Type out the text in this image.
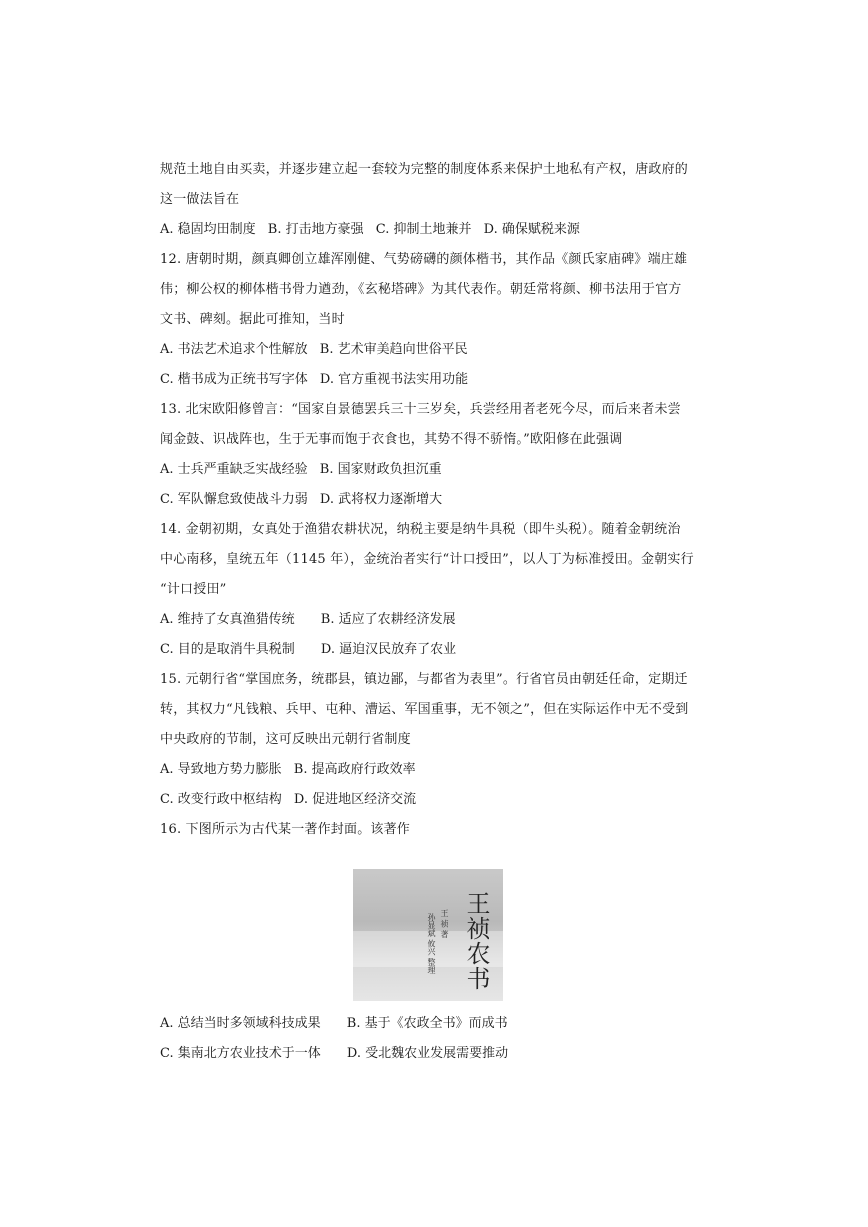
规范土地自由买卖，并逐步建立起一套较为完整的制度体系来保护土地私有产权，唐政府的
这一做法旨在
A. 稳固均田制度 B. 打击地方豪强 C. 抑制土地兼并 D. 确保赋税来源
12. 唐朝时期，颜真卿创立雄浑刚健、气势磅礴的颜体楷书，其作品《颜氏家庙碑》端庄雄
伟；柳公权的柳体楷书骨力遒劲，《玄秘塔碑》为其代表作。朝廷常将颜、柳书法用于官方
文书、碑刻。据此可推知，当时
A. 书法艺术追求个性解放 B. 艺术审美趋向世俗平民
C. 楷书成为正统书写字体 D. 官方重视书法实用功能
13. 北宋欧阳修曾言：“国家自景德罢兵三十三岁矣，兵尝经用者老死今尽，而后来者未尝
闻金鼓、识战阵也，生于无事而饱于衣食也，其势不得不骄惰。”欧阳修在此强调
A. 士兵严重缺乏实战经验 B. 国家财政负担沉重
C. 军队懈怠致使战斗力弱 D. 武将权力逐渐增大
14. 金朝初期，女真处于渔猎农耕状况，纳税主要是纳牛具税（即牛头税）。随着金朝统治
中心南移，皇统五年（1145 年），金统治者实行“计口授田”，以人丁为标准授田。金朝实行
“计口授田”
A. 维持了女真渔猎传统 B. 适应了农耕经济发展
C. 目的是取消牛具税制 D. 逼迫汉民放弃了农业
15. 元朝行省“掌国庶务，统郡县，镇边鄙，与都省为表里”。行省官员由朝廷任命，定期迁
转，其权力“凡钱粮、兵甲、屯种、漕运、军国重事，无不领之”，但在实际运作中无不受到
中央政府的节制，这可反映出元朝行省制度
A. 导致地方势力膨胀 B. 提高政府行政效率
C. 改变行政中枢结构 D. 促进地区经济交流
16. 下图所示为古代某一著作封面。该著作
王祯农书
王 祯 著
孙显斌 攸兴 整理
A. 总结当时多领域科技成果 B. 基于《农政全书》而成书
C. 集南北方农业技术于一体 D. 受北魏农业发展需要推动
